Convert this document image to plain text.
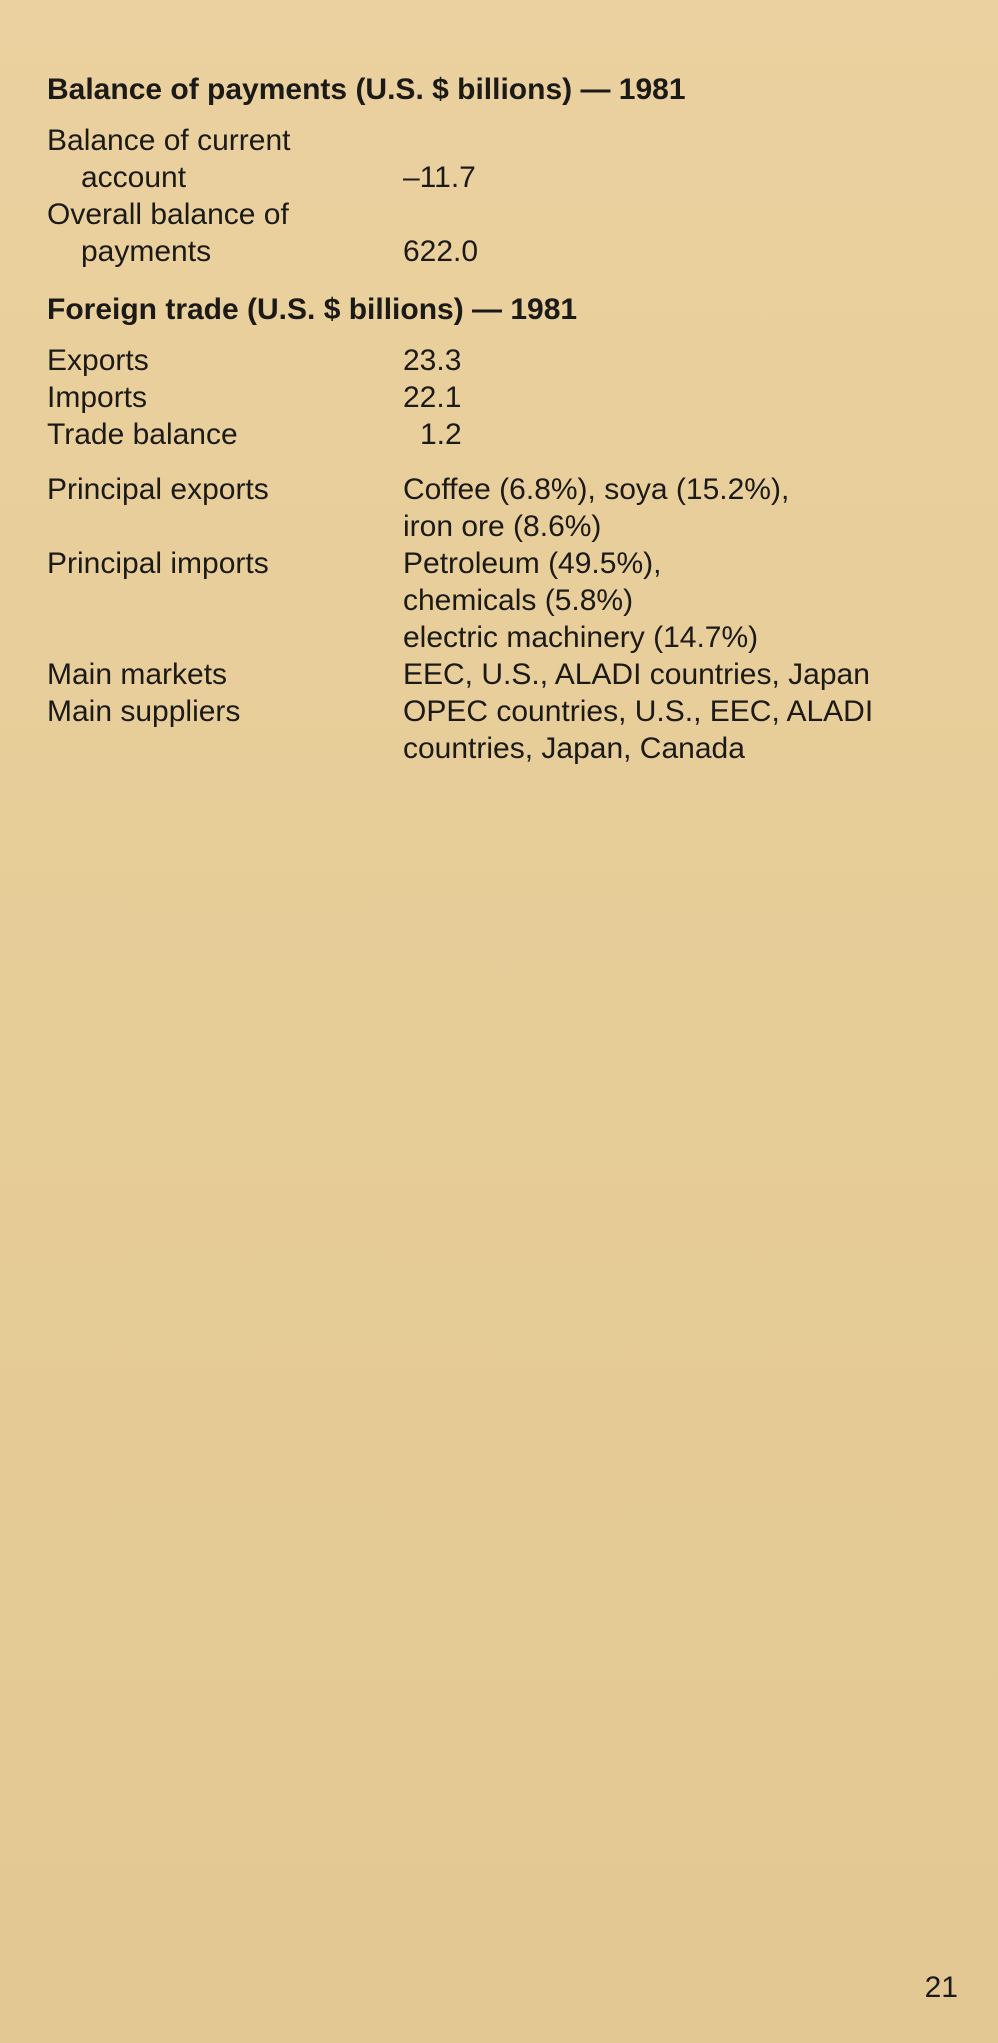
Balance of payments (U.S. $ billions) — 1981
Balance of current
account	–11.7
Overall balance of
payments	622.0
Foreign trade (U.S. $ billions) — 1981
Exports	23.3
Imports	22.1
Trade balance	1.2
Principal exports	Coffee (6.8%), soya (15.2%),
iron ore (8.6%)
Principal imports	Petroleum (49.5%),
chemicals (5.8%)
electric machinery (14.7%)
Main markets	EEC, U.S., ALADI countries, Japan
Main suppliers	OPEC countries, U.S., EEC, ALADI
countries, Japan, Canada
21
